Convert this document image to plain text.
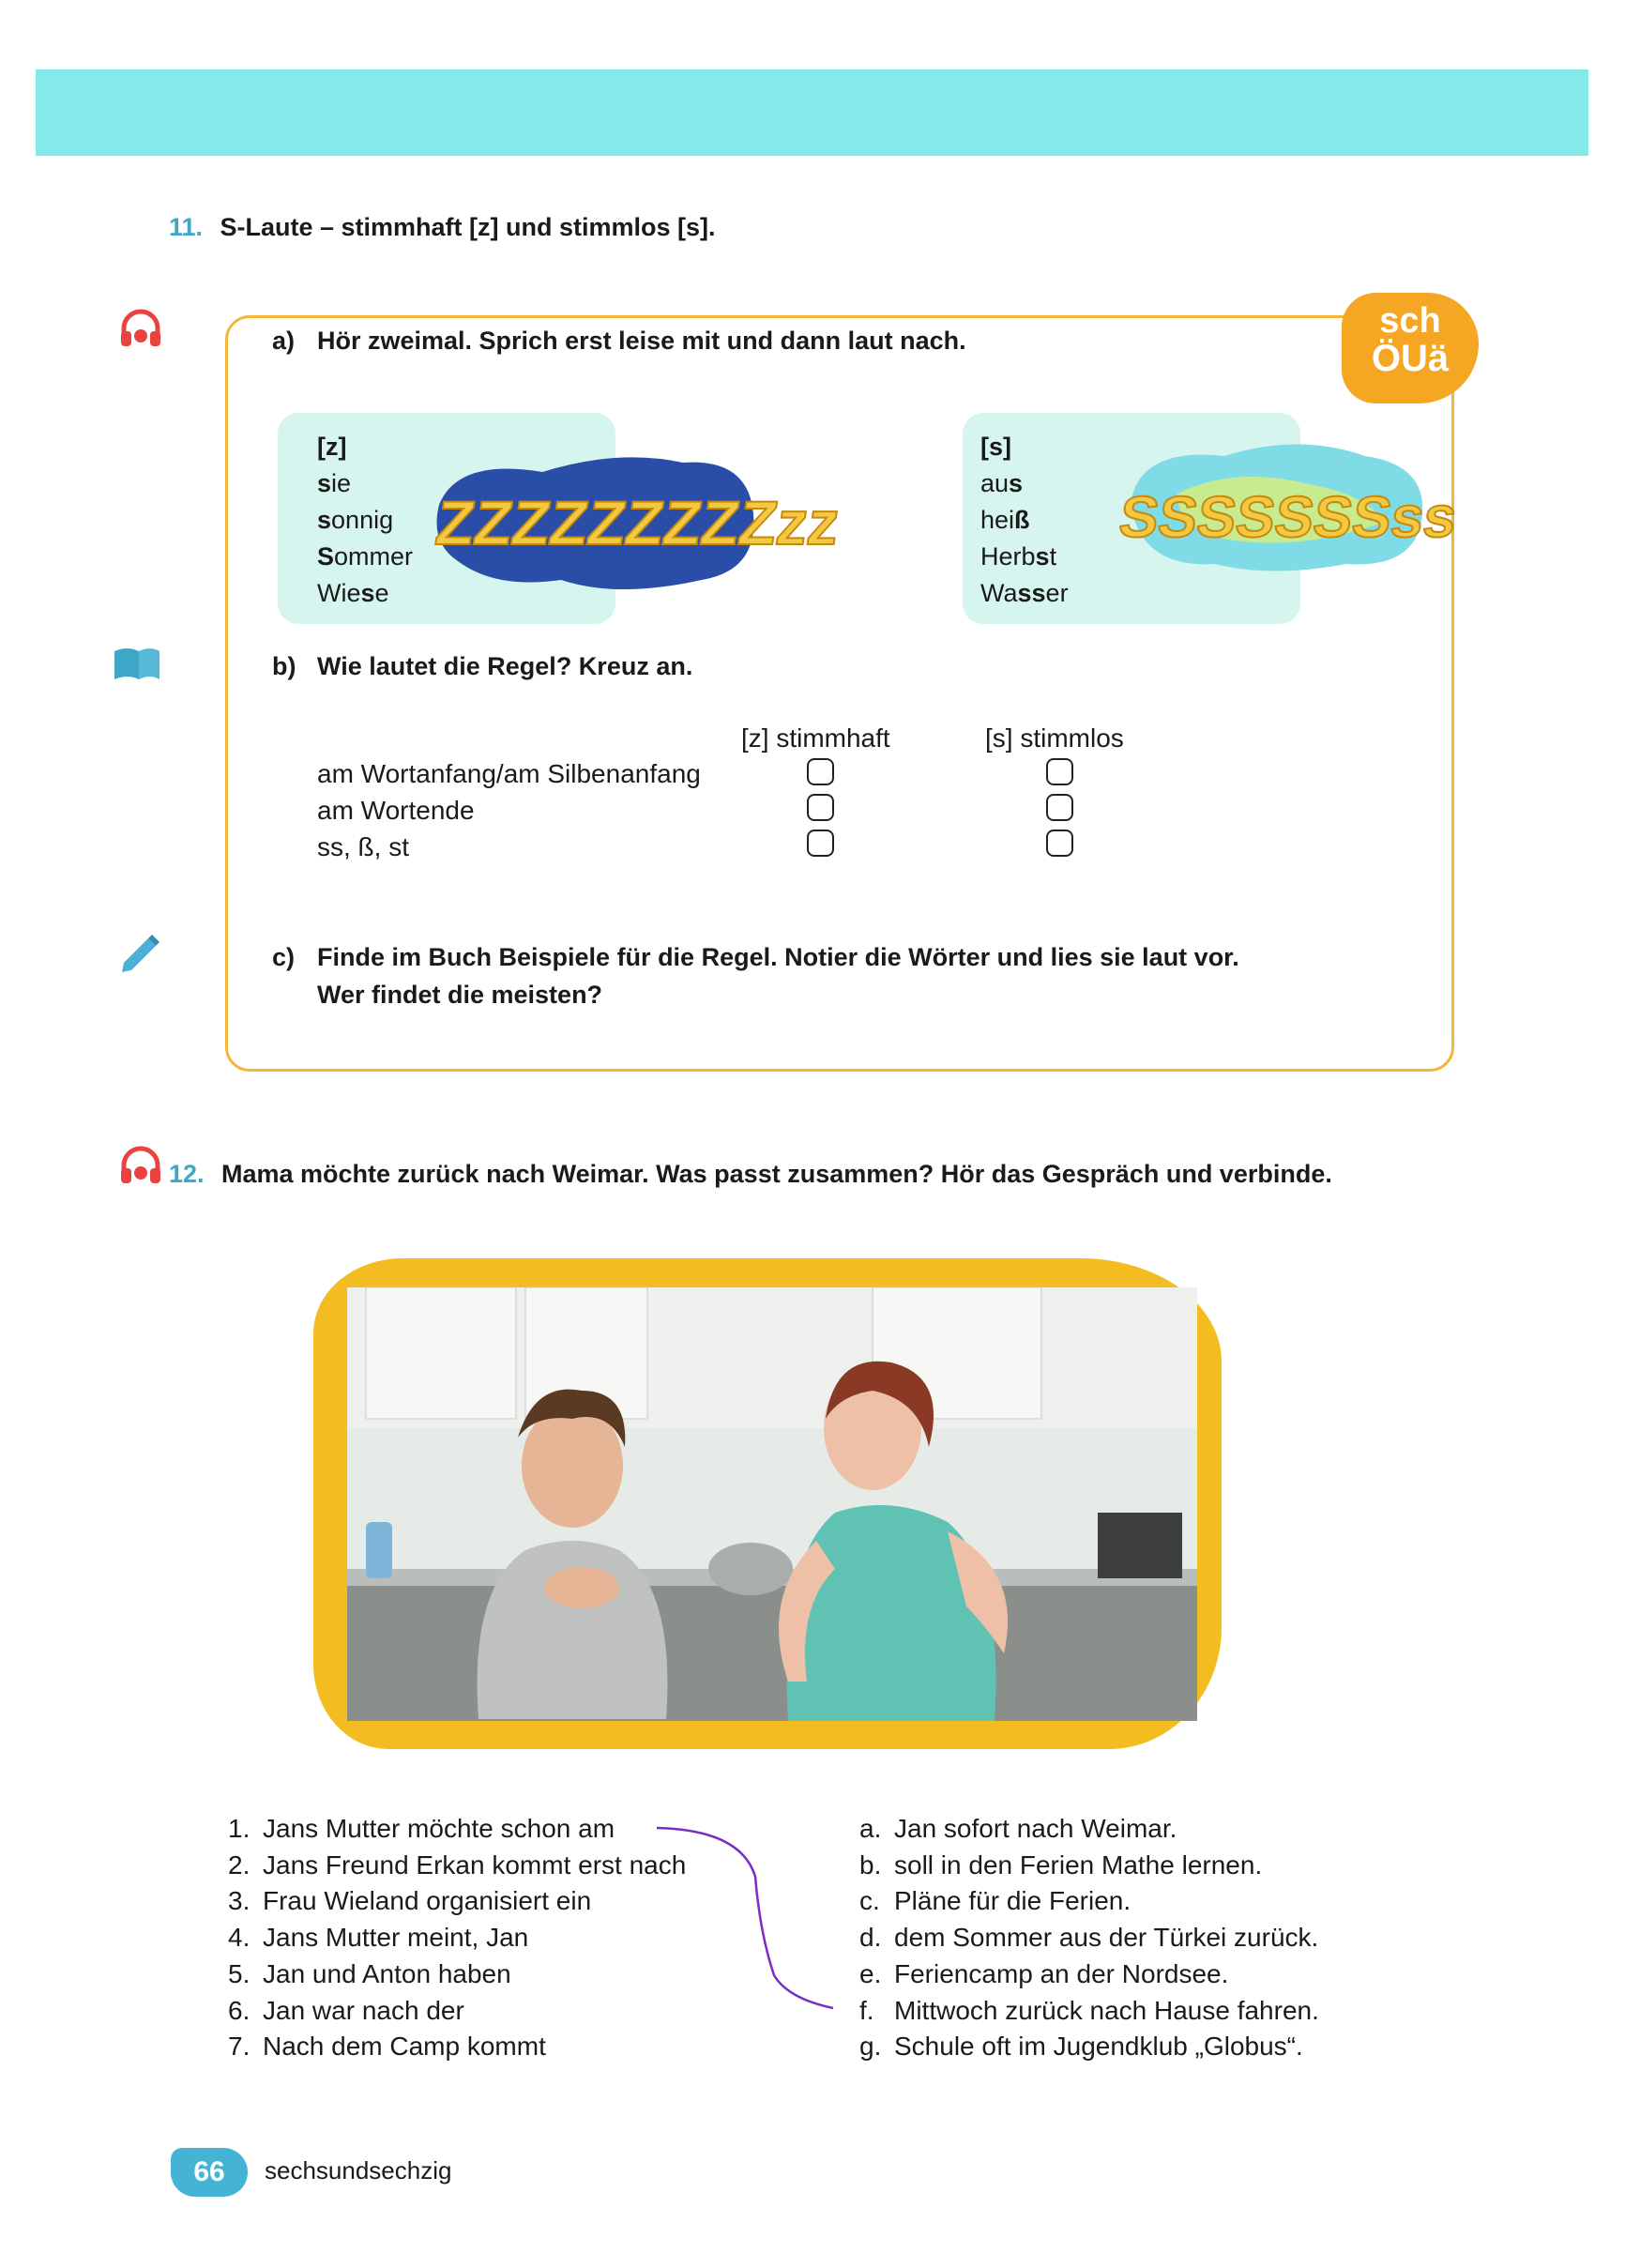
11. S-Laute – stimmhaft [z] und stimmlos [s].
sch
ÖUä
a) Hör zweimal. Sprich erst leise mit und dann laut nach.
ZZZZZZZZZzz
[z]
sie
sonnig
Sommer
Wiese
SSSSSSSss
[s]
aus
heiß
Herbst
Wasser
b) Wie lautet die Regel? Kreuz an.
[z] stimmhaft	[s] stimmlos
am Wortanfang/am Silbenanfang
am Wortende
ss, ß, st
c) Finde im Buch Beispiele für die Regel. Notier die Wörter und lies sie laut vor.
Wer findet die meisten?
12. Mama möchte zurück nach Weimar. Was passt zusammen? Hör das Gespräch und verbinde.
1. Jans Mutter möchte schon am
2. Jans Freund Erkan kommt erst nach
3. Frau Wieland organisiert ein
4. Jans Mutter meint, Jan
5. Jan und Anton haben
6. Jan war nach der
7. Nach dem Camp kommt
a. Jan sofort nach Weimar.
b. soll in den Ferien Mathe lernen.
c. Pläne für die Ferien.
d. dem Sommer aus der Türkei zurück.
e. Feriencamp an der Nordsee.
f. Mittwoch zurück nach Hause fahren.
g. Schule oft im Jugendklub „Globus“.
66	sechsundsechzig
